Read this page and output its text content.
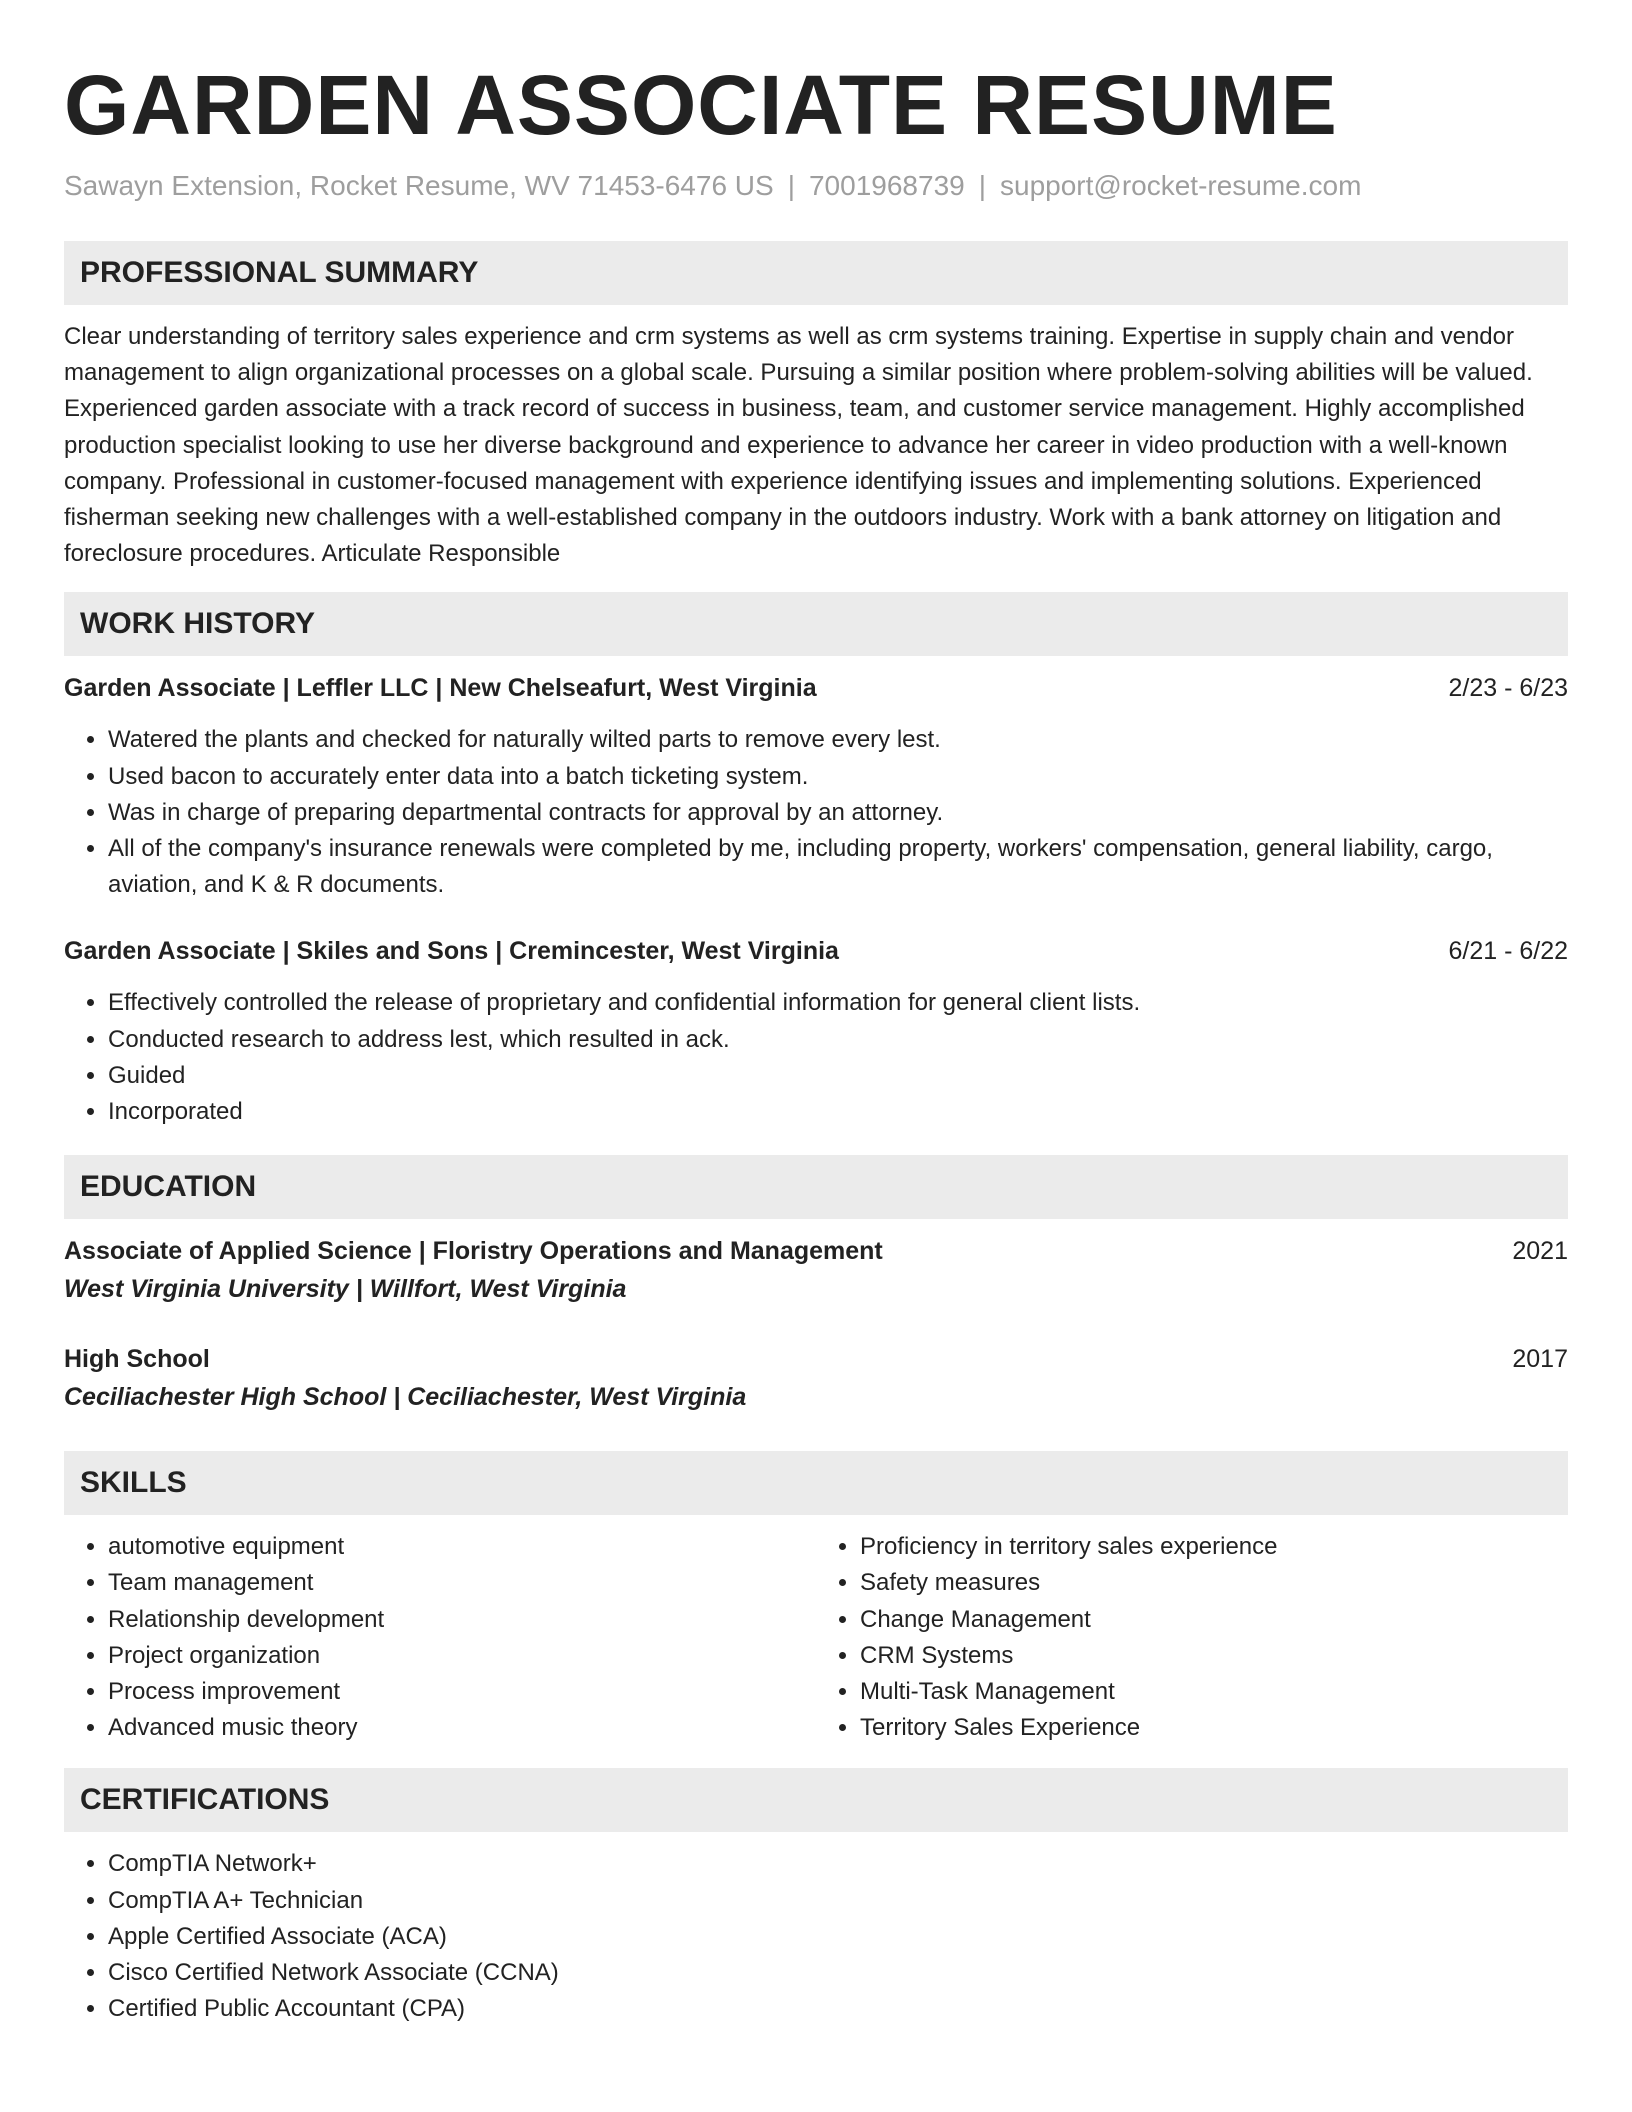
GARDEN ASSOCIATE RESUME
Sawayn Extension, Rocket Resume, WV 71453-6476 US | 7001968739 | support@rocket-resume.com
PROFESSIONAL SUMMARY
Clear understanding of territory sales experience and crm systems as well as crm systems training. Expertise in supply chain and vendor management to align organizational processes on a global scale. Pursuing a similar position where problem-solving abilities will be valued. Experienced garden associate with a track record of success in business, team, and customer service management. Highly accomplished production specialist looking to use her diverse background and experience to advance her career in video production with a well-known company. Professional in customer-focused management with experience identifying issues and implementing solutions. Experienced fisherman seeking new challenges with a well-established company in the outdoors industry. Work with a bank attorney on litigation and foreclosure procedures. Articulate Responsible
WORK HISTORY
Garden Associate | Leffler LLC | New Chelseafurt, West Virginia	2/23 - 6/23
• Watered the plants and checked for naturally wilted parts to remove every lest.
• Used bacon to accurately enter data into a batch ticketing system.
• Was in charge of preparing departmental contracts for approval by an attorney.
• All of the company's insurance renewals were completed by me, including property, workers' compensation, general liability, cargo, aviation, and K & R documents.
Garden Associate | Skiles and Sons | Cremincester, West Virginia	6/21 - 6/22
• Effectively controlled the release of proprietary and confidential information for general client lists.
• Conducted research to address lest, which resulted in ack.
• Guided
• Incorporated
EDUCATION
Associate of Applied Science | Floristry Operations and Management	2021
West Virginia University | Willfort, West Virginia
High School	2017
Ceciliachester High School | Ceciliachester, West Virginia
SKILLS
• automotive equipment
• Team management
• Relationship development
• Project organization
• Process improvement
• Advanced music theory
• Proficiency in territory sales experience
• Safety measures
• Change Management
• CRM Systems
• Multi-Task Management
• Territory Sales Experience
CERTIFICATIONS
• CompTIA Network+
• CompTIA A+ Technician
• Apple Certified Associate (ACA)
• Cisco Certified Network Associate (CCNA)
• Certified Public Accountant (CPA)
